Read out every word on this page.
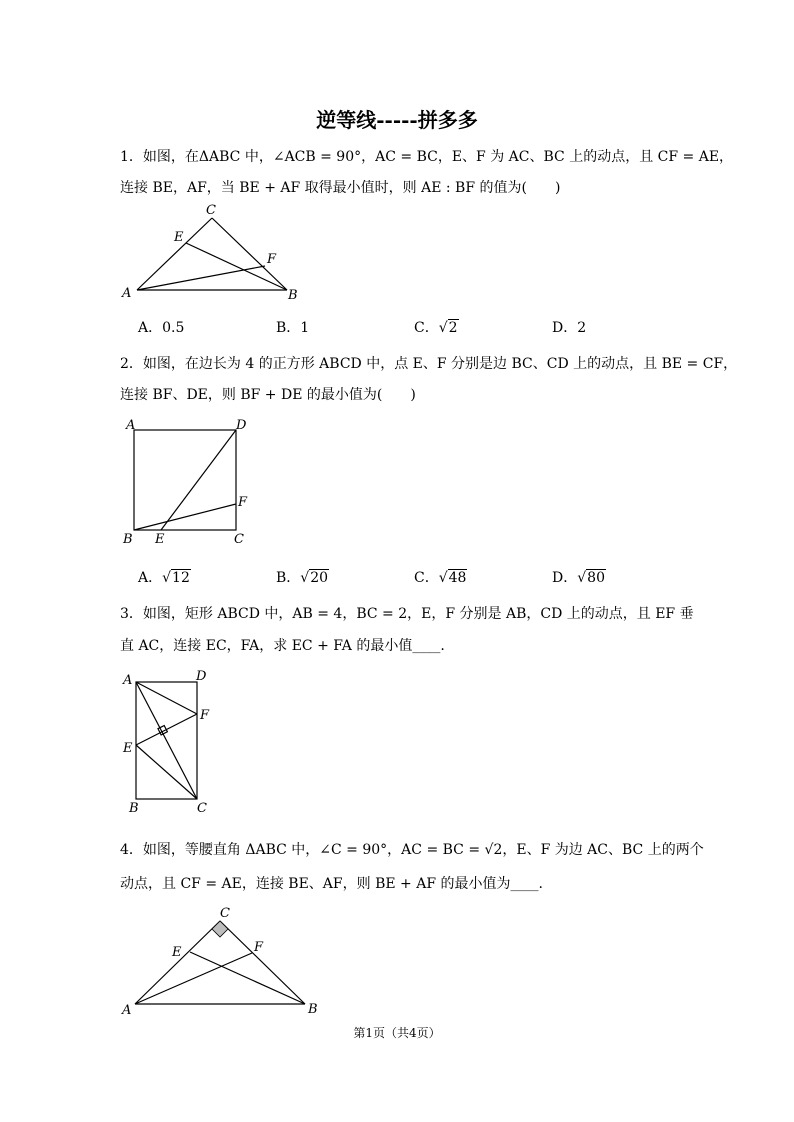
逆等线-----拼多多
1．如图，在ΔABC 中，∠ACB = 90°，AC = BC，E、F 为 AC、BC 上的动点，且 CF = AE，
连接 BE，AF，当 BE + AF 取得最小值时，则 AE : BF 的值为(　　)
C
E
F
A	B
A．0.5	B．1	C．√2	D．2
2．如图，在边长为 4 的正方形 ABCD 中，点 E、F 分别是边 BC、CD 上的动点，且 BE = CF，
连接 BF、DE，则 BF + DE 的最小值为(　　)
A	D
F
B E	C
A．√12	B．√20	C．√48	D．√80
3．如图，矩形 ABCD 中，AB = 4，BC = 2，E，F 分别是 AB，CD 上的动点，且 EF 垂
直 AC，连接 EC，FA，求 EC + FA 的最小值____.
A	D
F
E
B	C
4．如图，等腰直角 ΔABC 中，∠C = 90°，AC = BC = √2，E、F 为边 AC、BC 上的两个
动点，且 CF = AE，连接 BE、AF，则 BE + AF 的最小值为____.
C
E	F
A	B
第1页（共4页）
